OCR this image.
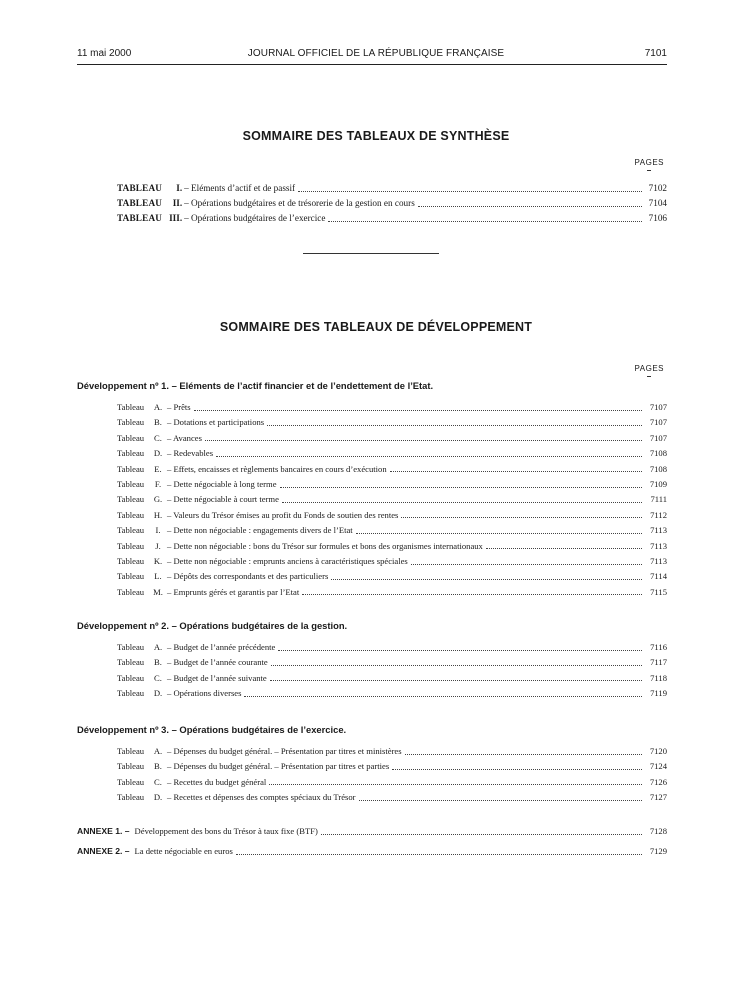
11 mai 2000	JOURNAL OFFICIEL DE LA RÉPUBLIQUE FRANÇAISE	7101
SOMMAIRE DES TABLEAUX DE SYNTHÈSE
PAGES
TABLEAU	I. – Eléments d’actif et de passif	7102
TABLEAU	II. – Opérations budgétaires et de trésorerie de la gestion en cours	7104
TABLEAU III. – Opérations budgétaires de l’exercice	7106
SOMMAIRE DES TABLEAUX DE DÉVELOPPEMENT
PAGES
Développement nº 1. – Eléments de l’actif financier et de l’endettement de l’Etat.
Tableau	A. – Prêts	7107
Tableau	B. – Dotations et participations	7107
Tableau	C. – Avances	7107
Tableau	D. – Redevables	7108
Tableau	E. – Effets, encaisses et règlements bancaires en cours d’exécution	7108
Tableau	F. – Dette négociable à long terme	7109
Tableau	G. – Dette négociable à court terme	7111
Tableau	H. – Valeurs du Trésor émises au profit du Fonds de soutien des rentes	7112
Tableau	I. – Dette non négociable : engagements divers de l’Etat	7113
Tableau	J. – Dette non négociable : bons du Trésor sur formules et bons des organismes internationaux	7113
Tableau	K. – Dette non négociable : emprunts anciens à caractéristiques spéciales	7113
Tableau	L. – Dépôts des correspondants et des particuliers	7114
Tableau	M. – Emprunts gérés et garantis par l’Etat	7115
Développement nº 2. – Opérations budgétaires de la gestion.
Tableau	A. – Budget de l’année précédente	7116
Tableau	B. – Budget de l’année courante	7117
Tableau	C. – Budget de l’année suivante	7118
Tableau	D. – Opérations diverses	7119
Développement nº 3. – Opérations budgétaires de l’exercice.
Tableau	A. – Dépenses du budget général. – Présentation par titres et ministères	7120
Tableau	B. – Dépenses du budget général. – Présentation par titres et parties	7124
Tableau	C. – Recettes du budget général	7126
Tableau	D. – Recettes et dépenses des comptes spéciaux du Trésor	7127
ANNEXE 1. – Développement des bons du Trésor à taux fixe (BTF)	7128
ANNEXE 2. – La dette négociable en euros	7129
